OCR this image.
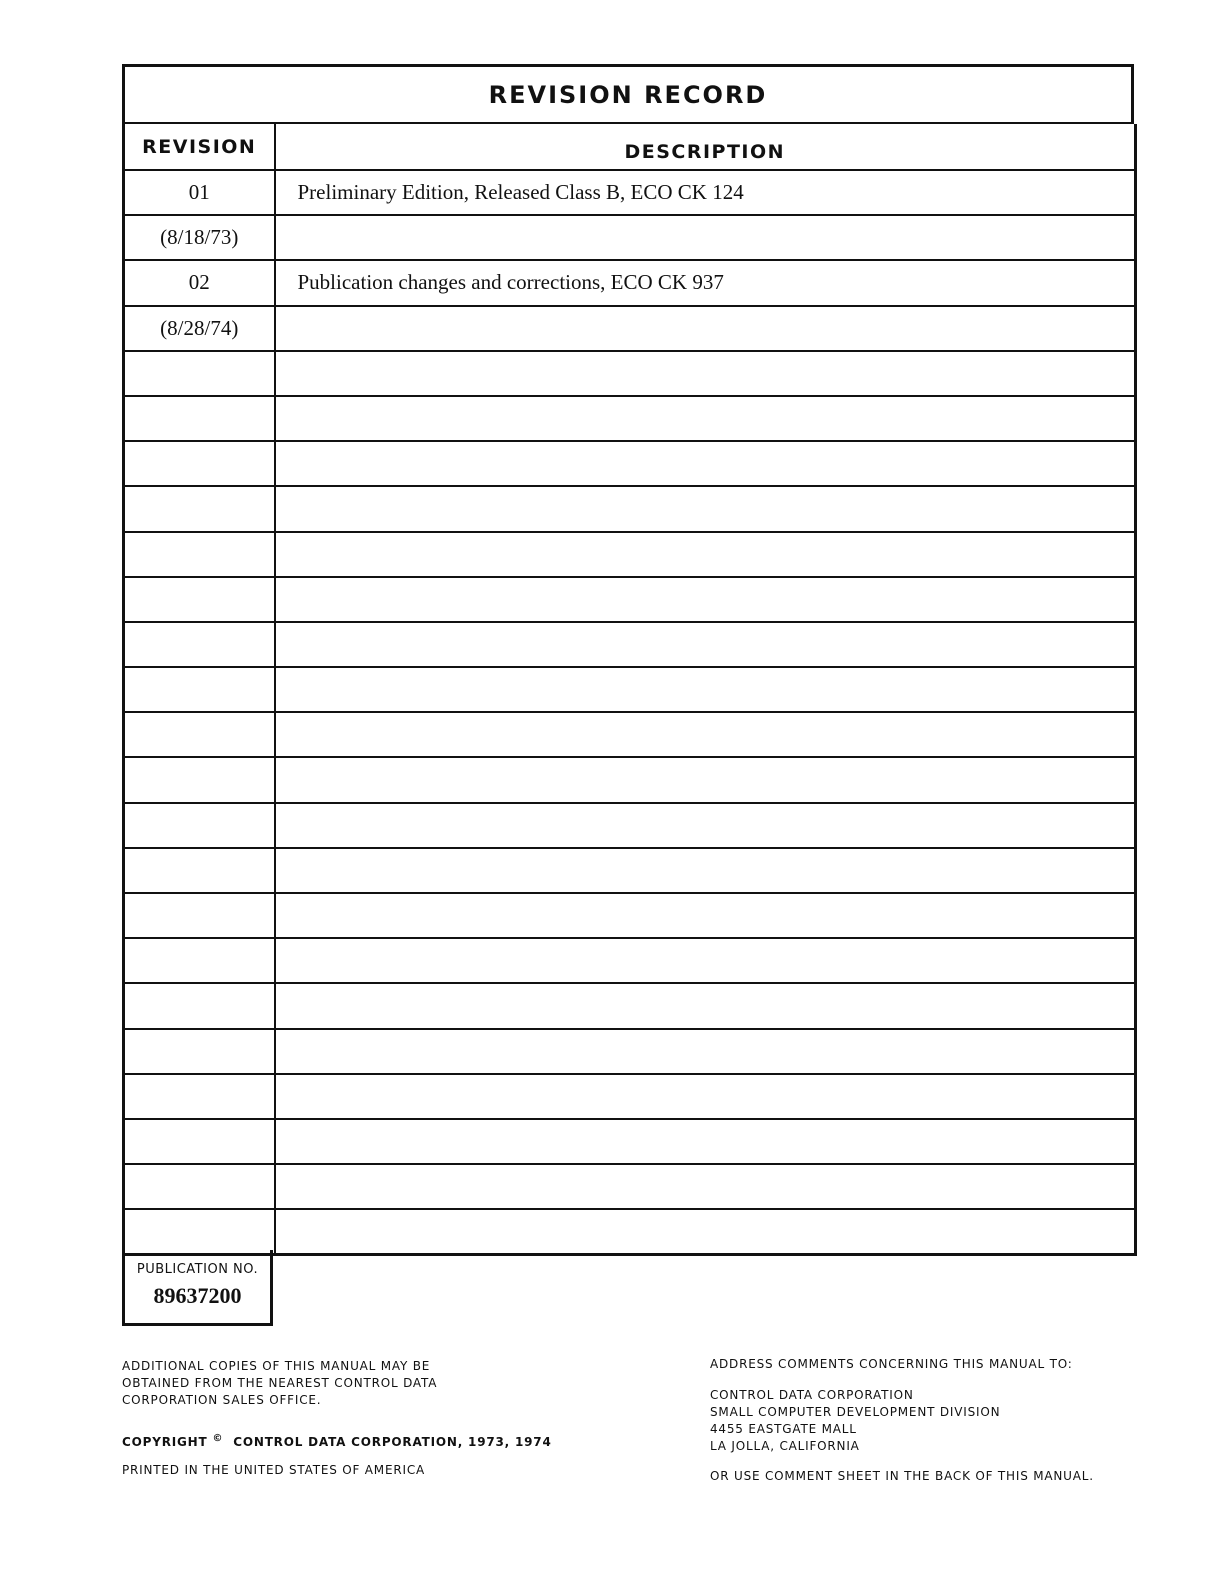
REVISION RECORD
REVISION	DESCRIPTION
01	Preliminary Edition, Released Class B, ECO CK 124
(8/18/73)	
02	Publication changes and corrections, ECO CK 937
(8/28/74)	

PUBLICATION NO.
89637200
ADDITIONAL COPIES OF THIS MANUAL MAY BE
OBTAINED FROM THE NEAREST CONTROL DATA
CORPORATION SALES OFFICE.
COPYRIGHT © CONTROL DATA CORPORATION, 1973, 1974
PRINTED IN THE UNITED STATES OF AMERICA
ADDRESS COMMENTS CONCERNING THIS MANUAL TO:
CONTROL DATA CORPORATION
SMALL COMPUTER DEVELOPMENT DIVISION
4455 EASTGATE MALL
LA JOLLA, CALIFORNIA
OR USE COMMENT SHEET IN THE BACK OF THIS MANUAL.
